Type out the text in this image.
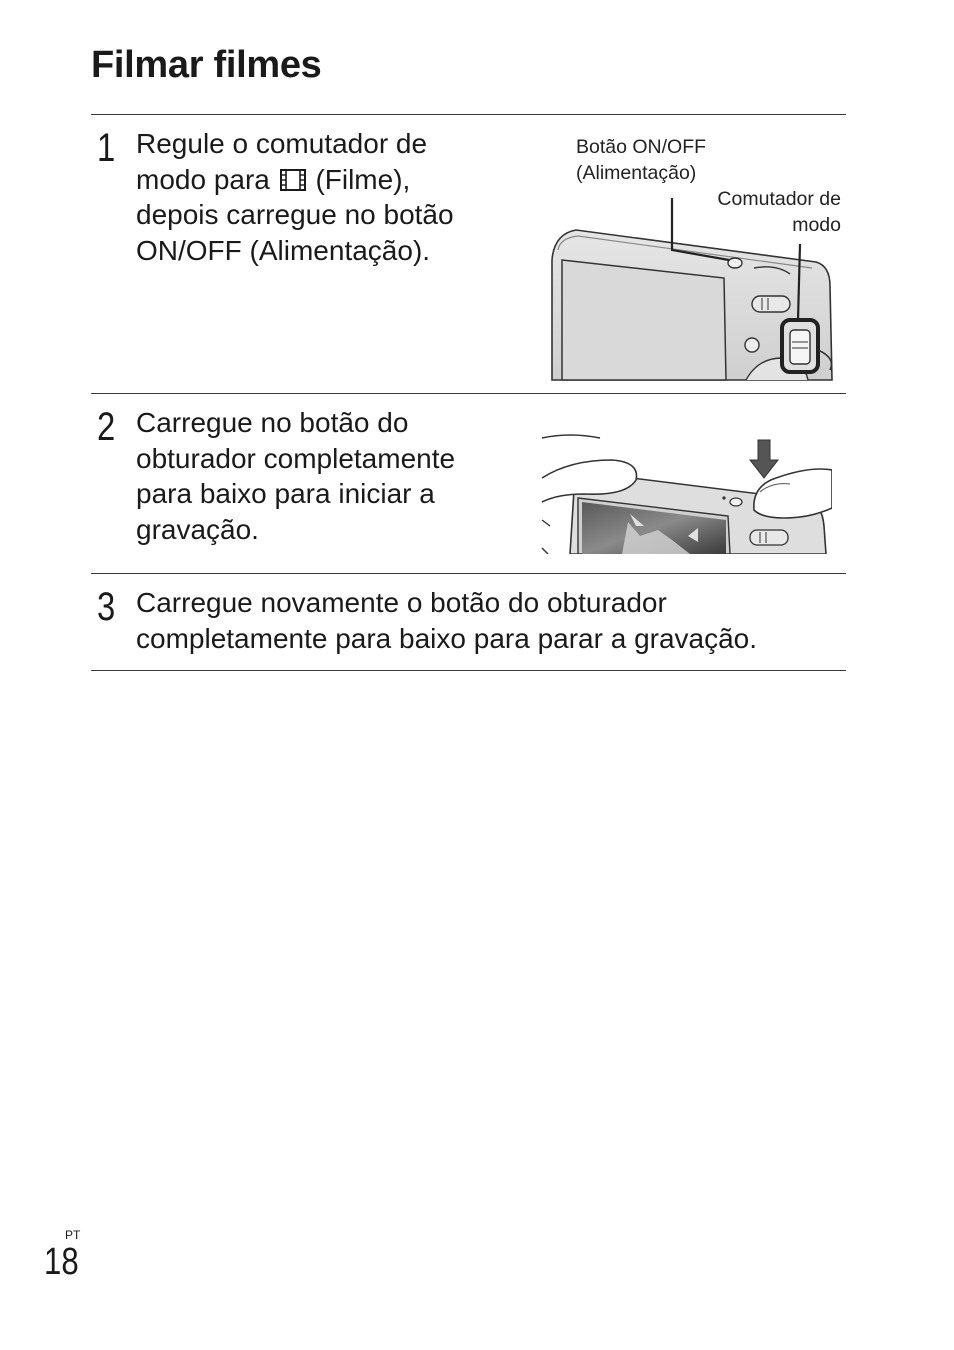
Filmar filmes
1 Regule o comutador de
modo para (Filme),
depois carregue no botão
ON/OFF (Alimentação).
Botão ON/OFF
(Alimentação)
Comutador de
modo
2 Carregue no botão do
obturador completamente
para baixo para iniciar a
gravação.
3 Carregue novamente o botão do obturador
completamente para baixo para parar a gravação.
PT
18
